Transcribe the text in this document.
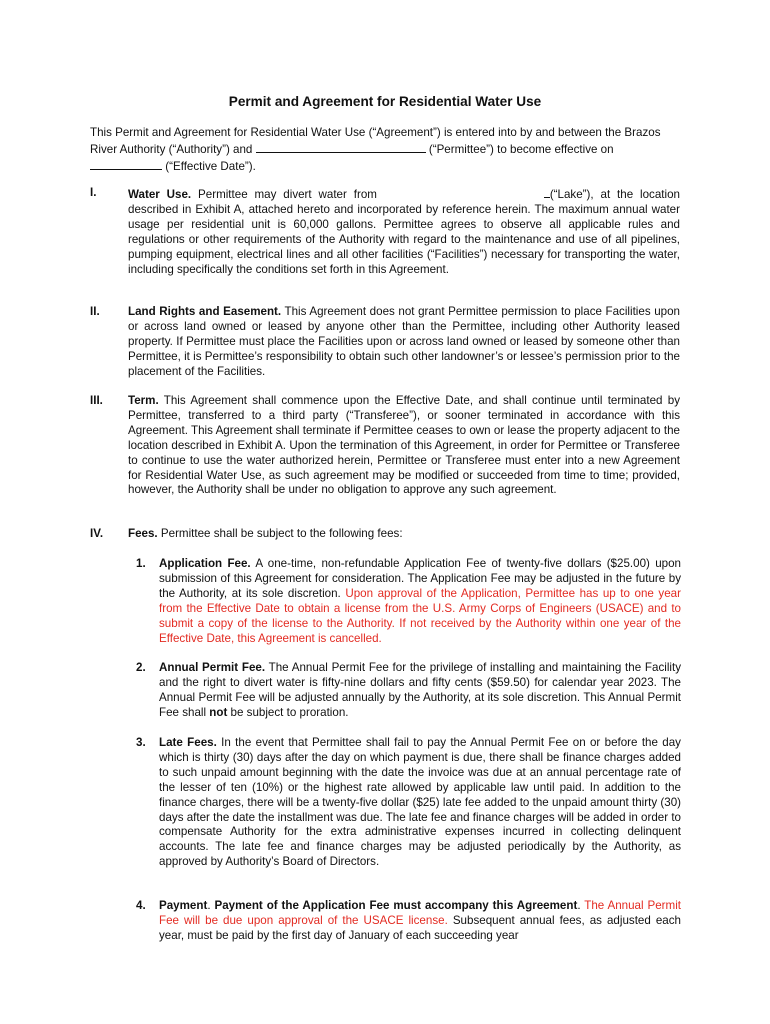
Permit and Agreement for Residential Water Use
This Permit and Agreement for Residential Water Use (“Agreement”) is entered into by and between the Brazos River Authority (“Authority”) and	(“Permittee”) to become effective on  (“Effective Date”).
I.	Water Use. Permittee may divert water from	(“Lake”), at the location described in Exhibit A, attached hereto and incorporated by reference herein. The maximum annual water usage per residential unit is 60,000 gallons. Permittee agrees to observe all applicable rules and regulations or other requirements of the Authority with regard to the maintenance and use of all pipelines, pumping equipment, electrical lines and all other facilities (“Facilities”) necessary for transporting the water, including specifically the conditions set forth in this Agreement.
II. Land Rights and Easement. This Agreement does not grant Permittee permission to place Facilities upon or across land owned or leased by anyone other than the Permittee, including other Authority leased property. If Permittee must place the Facilities upon or across land owned or leased by someone other than Permittee, it is Permittee’s responsibility to obtain such other landowner’s or lessee’s permission prior to the placement of the Facilities.
III. Term. This Agreement shall commence upon the Effective Date, and shall continue until terminated by Permittee, transferred to a third party (“Transferee”), or sooner terminated in accordance with this Agreement. This Agreement shall terminate if Permittee ceases to own or lease the property adjacent to the location described in Exhibit A. Upon the termination of this Agreement, in order for Permittee or Transferee to continue to use the water authorized herein, Permittee or Transferee must enter into a new Agreement for Residential Water Use, as such agreement may be modified or succeeded from time to time; provided, however, the Authority shall be under no obligation to approve any such agreement.
IV. Fees. Permittee shall be subject to the following fees:
1. Application Fee. A one-time, non-refundable Application Fee of twenty-five dollars ($25.00) upon submission of this Agreement for consideration. The Application Fee may be adjusted in the future by the Authority, at its sole discretion. Upon approval of the Application, Permittee has up to one year from the Effective Date to obtain a license from the U.S. Army Corps of Engineers (USACE) and to submit a copy of the license to the Authority. If not received by the Authority within one year of the Effective Date, this Agreement is cancelled.
2. Annual Permit Fee. The Annual Permit Fee for the privilege of installing and maintaining the Facility and the right to divert water is fifty-nine dollars and fifty cents ($59.50) for calendar year 2023. The Annual Permit Fee will be adjusted annually by the Authority, at its sole discretion. This Annual Permit Fee shall not be subject to proration.
3. Late Fees. In the event that Permittee shall fail to pay the Annual Permit Fee on or before the day which is thirty (30) days after the day on which payment is due, there shall be finance charges added to such unpaid amount beginning with the date the invoice was due at an annual percentage rate of the lesser of ten (10%) or the highest rate allowed by applicable law until paid. In addition to the finance charges, there will be a twenty-five dollar ($25) late fee added to the unpaid amount thirty (30) days after the date the installment was due. The late fee and finance charges will be added in order to compensate Authority for the extra administrative expenses incurred in collecting delinquent accounts. The late fee and finance charges may be adjusted periodically by the Authority, as approved by Authority’s Board of Directors.
4. Payment. Payment of the Application Fee must accompany this Agreement. The Annual Permit Fee will be due upon approval of the USACE license. Subsequent annual fees, as adjusted each year, must be paid by the first day of January of each succeeding year
